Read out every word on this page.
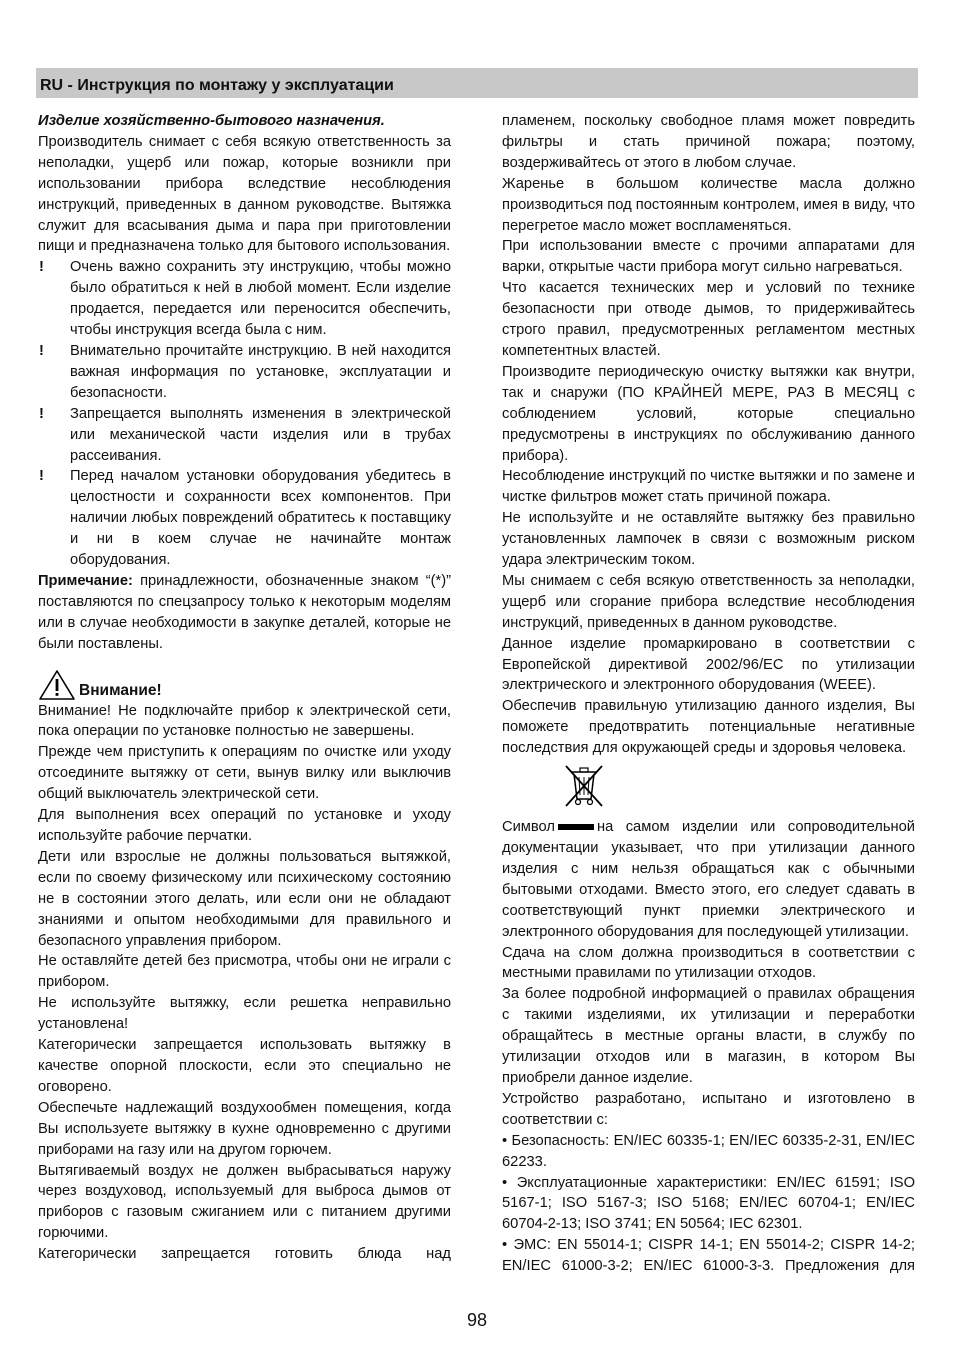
RU - Инструкция по монтажу у эксплуатации

Изделие хозяйственно-бытового назначения.

Производитель снимает с себя всякую ответственность за неполадки, ущерб или пожар, которые возникли при использовании прибора вследствие несоблюдения инструкций, приведенных в данном руководстве. Вытяжка служит для всасывания дыма и пара при приготовлении пищи и предназначена только для бытового использования.

!	Очень важно сохранить эту инструкцию, чтобы можно было обратиться к ней в любой момент. Если изделие продается, передается или переносится обеспечить, чтобы инструкция всегда была с ним.
!	Внимательно прочитайте инструкцию. В ней находится важная информация по установке, эксплуатации и безопасности.
!	Запрещается выполнять изменения в электрической или механической части изделия или в трубах рассеивания.
!	Перед началом установки оборудования убедитесь в целостности и сохранности всех компонентов. При наличии любых повреждений обратитесь к поставщику и ни в коем случае не начинайте монтаж оборудования.

Примечание: принадлежности, обозначенные знаком “(*)” поставляются по спецзапросу только к некоторым моделям или в случае необходимости в закупке деталей, которые не были поставлены.

Внимание!

Внимание! Не подключайте прибор к электрической сети, пока операции по установке полностью не завершены.

Прежде чем приступить к операциям по очистке или уходу отсоедините вытяжку от сети, вынув вилку или выключив общий выключатель электрической сети.

Для выполнения всех операций по установке и уходу используйте рабочие перчатки.

Дети или взрослые не должны пользоваться вытяжкой, если по своему физическому или психическому состоянию не в состоянии этого делать, или если они не обладают знаниями и опытом необходимыми для правильного и безопасного управления прибором.

Не оставляйте детей без присмотра, чтобы они не играли с прибором.

Не используйте вытяжку, если решетка неправильно установлена!

Категорически запрещается использовать вытяжку в качестве опорной плоскости, если это специально не оговорено.

Обеспечьте надлежащий воздухообмен помещения, когда Вы используете вытяжку в кухне одновременно с другими приборами на газу или на другом горючем.

Вытягиваемый воздух не должен выбрасываться наружу через воздуховод, используемый для выброса дымов от приборов с газовым сжиганием или с питанием другими горючими.

Категорически запрещается готовить блюда над

пламенем, поскольку свободное пламя может повредить фильтры и стать причиной пожара; поэтому, воздерживайтесь от этого в любом случае.

Жаренье в большом количестве масла должно производиться под постоянным контролем, имея в виду, что перегретое масло может воспламеняться.

При использовании вместе с прочими аппаратами для варки, открытые части прибора могут сильно нагреваться.

Что касается технических мер и условий по технике безопасности при отводе дымов, то придерживайтесь строго правил, предусмотренных регламентом местных компетентных властей.

Производите периодическую очистку вытяжки как внутри, так и снаружи (ПО КРАЙНЕЙ МЕРЕ, РАЗ В МЕСЯЦ с соблюдением условий, которые специально предусмотрены в инструкциях по обслуживанию данного прибора).

Несоблюдение инструкций по чистке вытяжки и по замене и чистке фильтров может стать причиной пожара.

Не используйте и не оставляйте вытяжку без правильно установленных лампочек в связи с возможным риском удара электрическим током.

Мы снимаем с себя всякую ответственность за неполадки, ущерб или сгорание прибора вследствие несоблюдения инструкций, приведенных в данном руководстве.

Данное изделие промаркировано в соответствии с Европейской директивой 2002/96/EC по утилизации электрического и электронного оборудования (WEEE).

Обеспечив правильную утилизацию данного изделия, Вы поможете предотвратить потенциальные негативные последствия для окружающей среды и здоровья человека.

Символ	на самом изделии или сопроводительной документации указывает, что при утилизации данного изделия с ним нельзя обращаться как с обычными бытовыми отходами. Вместо этого, его следует сдавать в соответствующий пункт приемки электрического и электронного оборудования для последующей утилизации.

Сдача на слом должна производиться в соответствии с местными правилами по утилизации отходов.

За более подробной информацией о правилах обращения с такими изделиями, их утилизации и переработки обращайтесь в местные органы власти, в службу по утилизации отходов или в магазин, в котором Вы приобрели данное изделие.

Устройство разработано, испытано и изготовлено в соответствии с:

• Безопасность: EN/IEC 60335-1; EN/IEC 60335-2-31, EN/IEC 62233.

• Эксплуатационные характеристики: EN/IEC 61591; ISO 5167-1; ISO 5167-3; ISO 5168; EN/IEC 60704-1; EN/IEC 60704-2-13; ISO 3741; EN 50564; IEC 62301.

• ЭМС: EN 55014-1; CISPR 14-1; EN 55014-2; CISPR 14-2; EN/IEC 61000-3-2; EN/IEC 61000-3-3. Предложения для

98
